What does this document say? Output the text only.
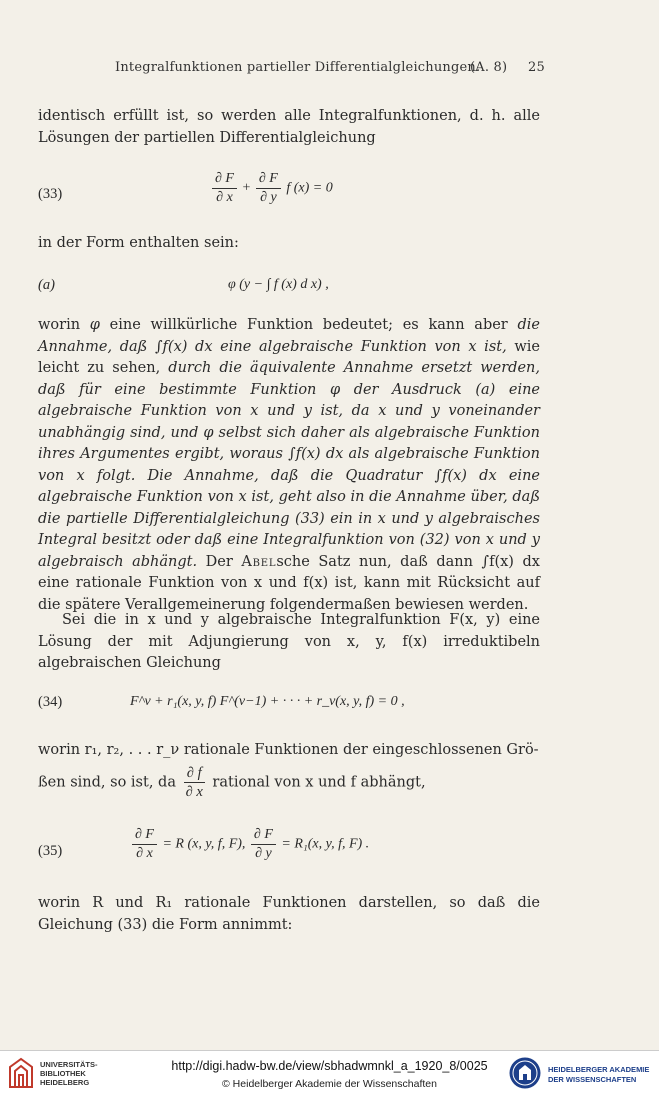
Integralfunktionen partieller Differentialgleichungen.
(A. 8) 25
identisch erfüllt ist, so werden alle Integralfunktionen, d. h. alle Lösungen der partiellen Differentialgleichung
(33)	$\frac{\partial F}{\partial x} + \frac{\partial F}{\partial y}$ f (x) = 0
in der Form enthalten sein:
(a)	φ (y − ∫ f (x) d x) ,
worin φ eine willkürliche Funktion bedeutet; es kann aber die Annahme, daß ∫f(x) dx eine algebraische Funktion von x ist, wie leicht zu sehen, durch die äquivalente Annahme ersetzt werden, daß für eine bestimmte Funktion φ der Ausdruck (a) eine algebraische Funktion von x und y ist, da x und y voneinander unabhängig sind, und φ selbst sich daher als algebraische Funktion ihres Argumentes ergibt, woraus ∫f(x) dx als algebraische Funktion von x folgt. Die Annahme, daß die Quadratur ∫f(x) dx eine algebraische Funktion von x ist, geht also in die Annahme über, daß die partielle Differentialgleichung (33) ein in x und y algebraisches Integral besitzt oder daß eine Integralfunktion von (32) von x und y algebraisch abhängt. Der Abelsche Satz nun, daß dann ∫f(x) dx eine rationale Funktion von x und f(x) ist, kann mit Rücksicht auf die spätere Verallgemeinerung folgendermaßen bewiesen werden.
Sei die in x und y algebraische Integralfunktion F(x, y) eine Lösung der mit Adjungierung von x, y, f(x) irreduktibeln algebraischen Gleichung
(34)	F^ν + r₁(x, y, f) F^(ν−1) + · · · + r_ν(x, y, f) = 0 ,
worin r₁, r₂, . . . r_ν rationale Funktionen der eingeschlossenen Grö-
ßen sind, so ist, da $\frac{\partial f}{\partial x}$ rational von x und f abhängt,
(35)	$\frac{\partial F}{\partial x} = R$ (x, y, f, F), $\frac{\partial F}{\partial y} = R_1(x$, y, f, F) .
worin R und R₁ rationale Funktionen darstellen, so daß die Gleichung (33) die Form annimmt:
UNIVERSITÄTS-
BIBLIOTHEK
HEIDELBERG
http://digi.hadw-bw.de/view/sbhadwmnkl_a_1920_8/0025
© Heidelberger Akademie der Wissenschaften
HEIDELBERGER AKADEMIE
DER WISSENSCHAFTEN
